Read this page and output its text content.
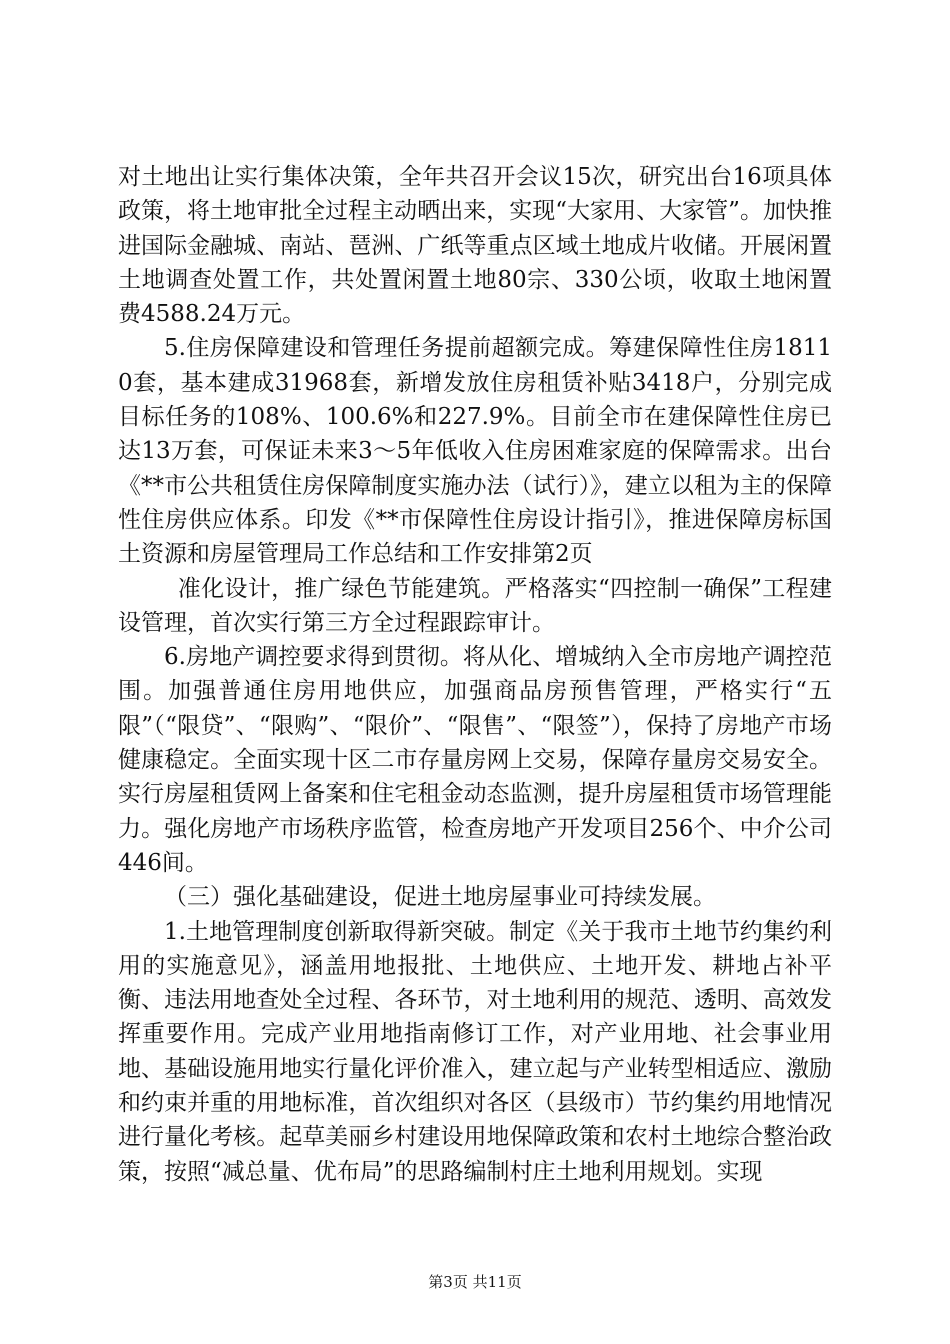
对土地出让实行集体决策，全年共召开会议15次，研究出台16项具体政策，将土地审批全过程主动晒出来，实现“大家用、大家管”。加快推进国际金融城、南站、琶洲、广纸等重点区域土地成片收储。开展闲置土地调查处置工作，共处置闲置土地80宗、330公顷，收取土地闲置费4588.24万元。

5.住房保障建设和管理任务提前超额完成。筹建保障性住房18110套，基本建成31968套，新增发放住房租赁补贴3418户，分别完成目标任务的108%、100.6%和227.9%。目前全市在建保障性住房已达13万套，可保证未来3～5年低收入住房困难家庭的保障需求。出台《**市公共租赁住房保障制度实施办法（试行）》，建立以租为主的保障性住房供应体系。印发《**市保障性住房设计指引》，推进保障房标国土资源和房屋管理局工作总结和工作安排第2页

准化设计，推广绿色节能建筑。严格落实“四控制一确保”工程建设管理，首次实行第三方全过程跟踪审计。

6.房地产调控要求得到贯彻。将从化、增城纳入全市房地产调控范围。加强普通住房用地供应，加强商品房预售管理，严格实行“五限”（“限贷”、“限购”、“限价”、“限售”、“限签”），保持了房地产市场健康稳定。全面实现十区二市存量房网上交易，保障存量房交易安全。实行房屋租赁网上备案和住宅租金动态监测，提升房屋租赁市场管理能力。强化房地产市场秩序监管，检查房地产开发项目256个、中介公司446间。

（三）强化基础建设，促进土地房屋事业可持续发展。

1.土地管理制度创新取得新突破。制定《关于我市土地节约集约利用的实施意见》，涵盖用地报批、土地供应、土地开发、耕地占补平衡、违法用地查处全过程、各环节，对土地利用的规范、透明、高效发挥重要作用。完成产业用地指南修订工作，对产业用地、社会事业用地、基础设施用地实行量化评价准入，建立起与产业转型相适应、激励和约束并重的用地标准，首次组织对各区（县级市）节约集约用地情况进行量化考核。起草美丽乡村建设用地保障政策和农村土地综合整治政策，按照“减总量、优布局”的思路编制村庄土地利用规划。实现

第3页 共11页
